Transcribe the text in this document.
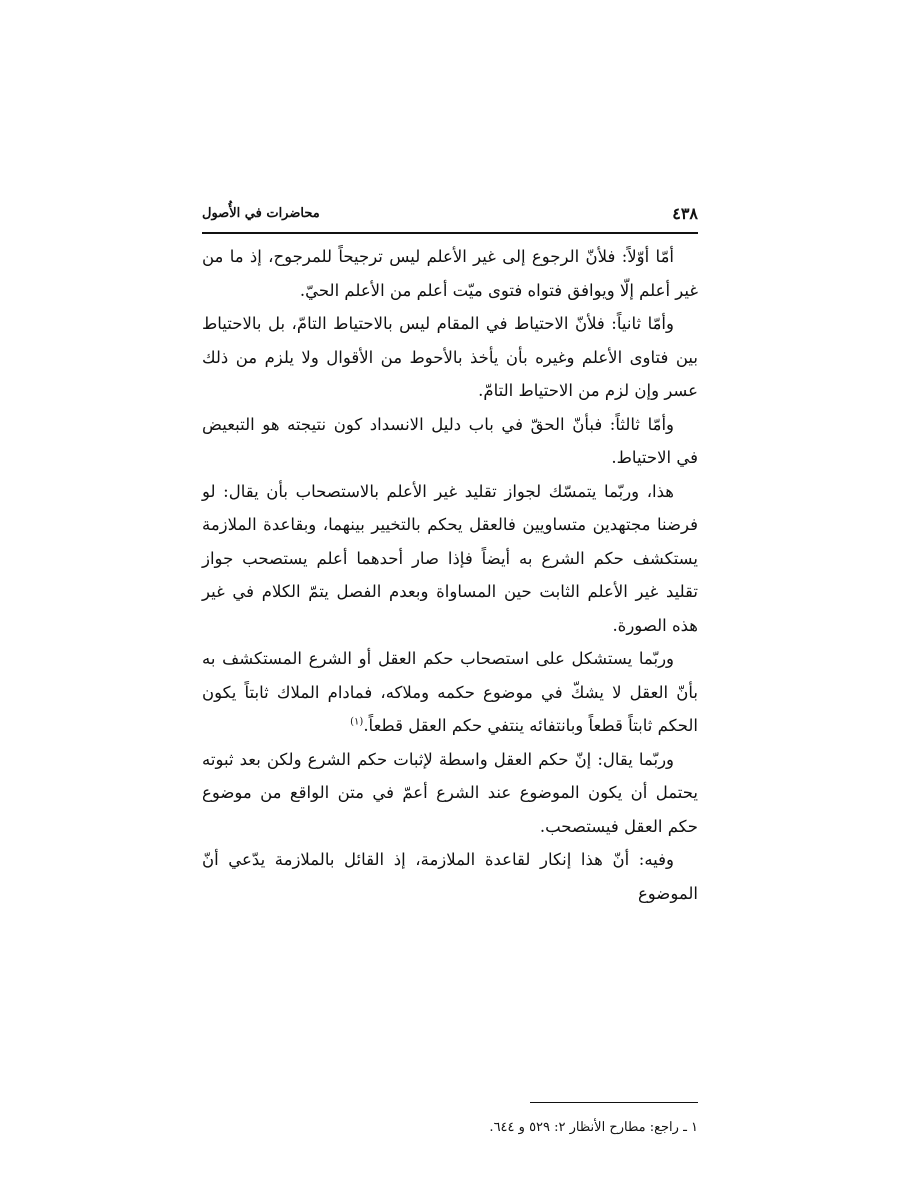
٤٣٨
محاضرات في الأُصول

أمّا أوّلاً: فلأنّ الرجوع إلى غير الأعلم ليس ترجيحاً للمرجوح، إذ ما من غير أعلم إلّا ويوافق فتواه فتوى ميّت أعلم من الأعلم الحيّ.

وأمّا ثانياً: فلأنّ الاحتياط في المقام ليس بالاحتياط التامّ، بل بالاحتياط بين فتاوى الأعلم وغيره بأن يأخذ بالأحوط من الأقوال ولا يلزم من ذلك عسر وإن لزم من الاحتياط التامّ.

وأمّا ثالثاً: فبأنّ الحقّ في باب دليل الانسداد كون نتيجته هو التبعيض في الاحتياط.

هذا، وربّما يتمسّك لجواز تقليد غير الأعلم بالاستصحاب بأن يقال: لو فرضنا مجتهدين متساويين فالعقل يحكم بالتخيير بينهما، وبقاعدة الملازمة يستكشف حكم الشرع به أيضاً فإذا صار أحدهما أعلم يستصحب جواز تقليد غير الأعلم الثابت حين المساواة وبعدم الفصل يتمّ الكلام في غير هذه الصورة.

وربّما يستشكل على استصحاب حكم العقل أو الشرع المستكشف به بأنّ العقل لا يشكّ في موضوع حكمه وملاكه، فمادام الملاك ثابتاً يكون الحكم ثابتاً قطعاً وبانتفائه ينتفي حكم العقل قطعاً.$^{(١)}$

وربّما يقال: إنّ حكم العقل واسطة لإثبات حكم الشرع ولكن بعد ثبوته يحتمل أن يكون الموضوع عند الشرع أعمّ في متن الواقع من موضوع حكم العقل فيستصحب.

وفيه: أنّ هذا إنكار لقاعدة الملازمة، إذ القائل بالملازمة يدّعي أنّ الموضوع

١ ـ راجع: مطارح الأنظار ٢: ٥٢٩ و ٦٤٤.
